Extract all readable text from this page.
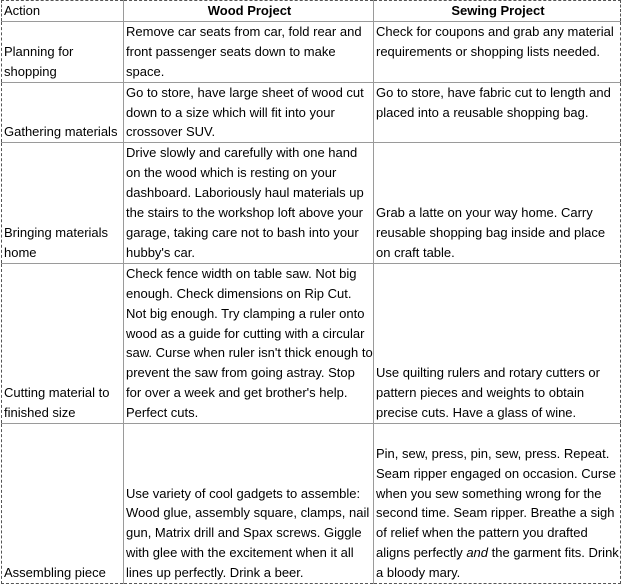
Action	Wood Project	Sewing Project
Planning for shopping	Remove car seats from car, fold rear and front passenger seats down to make space.	Check for coupons and grab any material requirements or shopping lists needed.
Gathering materials	Go to store, have large sheet of wood cut down to a size which will fit into your crossover SUV.	Go to store, have fabric cut to length and placed into a reusable shopping bag.
Bringing materials home	Drive slowly and carefully with one hand on the wood which is resting on your dashboard. Laboriously haul materials up the stairs to the workshop loft above your garage, taking care not to bash into your hubby's car.	Grab a latte on your way home. Carry reusable shopping bag inside and place on craft table.
Cutting material to finished size	Check fence width on table saw. Not big enough. Check dimensions on Rip Cut. Not big enough. Try clamping a ruler onto wood as a guide for cutting with a circular saw. Curse when ruler isn't thick enough to prevent the saw from going astray. Stop for over a week and get brother's help. Perfect cuts.	Use quilting rulers and rotary cutters or pattern pieces and weights to obtain precise cuts. Have a glass of wine.
Assembling piece	Use variety of cool gadgets to assemble: Wood glue, assembly square, clamps, nail gun, Matrix drill and Spax screws. Giggle with glee with the excitement when it all lines up perfectly. Drink a beer.	Pin, sew, press, pin, sew, press. Repeat. Seam ripper engaged on occasion. Curse when you sew something wrong for the second time. Seam ripper. Breathe a sigh of relief when the pattern you drafted aligns perfectly and the garment fits. Drink a bloody mary.
